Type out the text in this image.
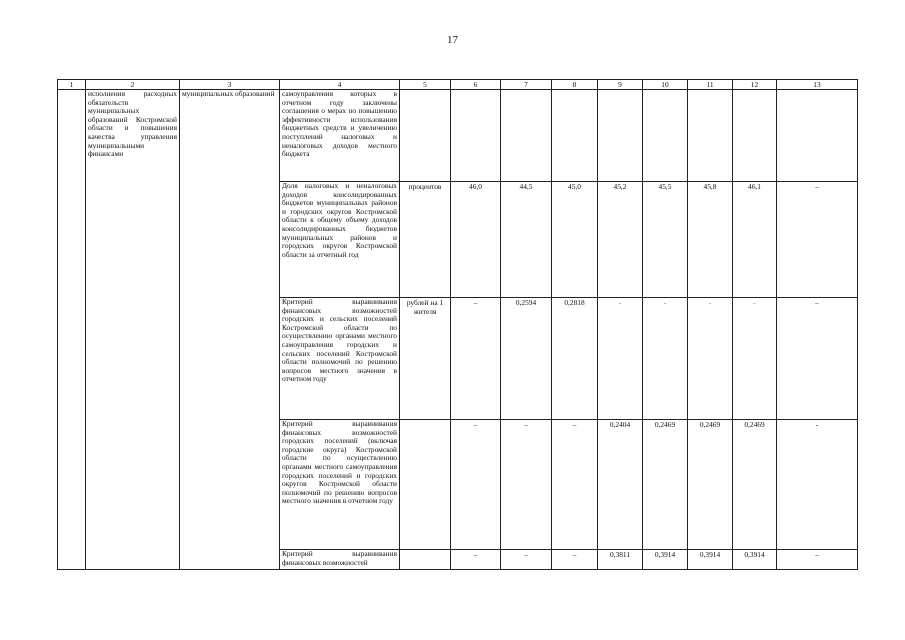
17
1	2	3	4	5	6	7	8	9	10	11	12	13
	исполнения расходных обязательств муниципальных образований Костромской области и повышения качества управления муниципальными финансами	муниципальных образований	самоуправления которых в отчетном году заключены соглашения о мерах по повышению эффективности использования бюджетных средств и увеличению поступлений налоговых и неналоговых доходов местного бюджета									
			Доля налоговых и неналоговых доходов консолидированных бюджетов муниципальных районов и городских округов Костромской области к общему объему доходов консолидированных бюджетов муниципальных районов и городских округов Костромской области за отчетный год	процентов	46,0	44,5	45,0	45,2	45,5	45,8	46,1	–
			Критерий выравнивания финансовых возможностей городских и сельских поселений Костромской области по осуществлению органами местного самоуправления городских и сельских поселений Костромской области полномочий по решению вопросов местного значения в отчетном году	рублей на 1 жителя	–	0,2594	0,2818	-	-	-	-	–
			Критерий выравнивания финансовых возможностей городских поселений (включая городские округа) Костромской области по осуществлению органами местного самоуправления городских поселений и городских округов Костромской области полномочий по решению вопросов местного значения в отчетном году		–	–	–	0,2404	0,2469	0,2469	0,2469	-
			Критерий выравнивания финансовых возможностей		–	–	–	0,3811	0,3914	0,3914	0,3914	–
